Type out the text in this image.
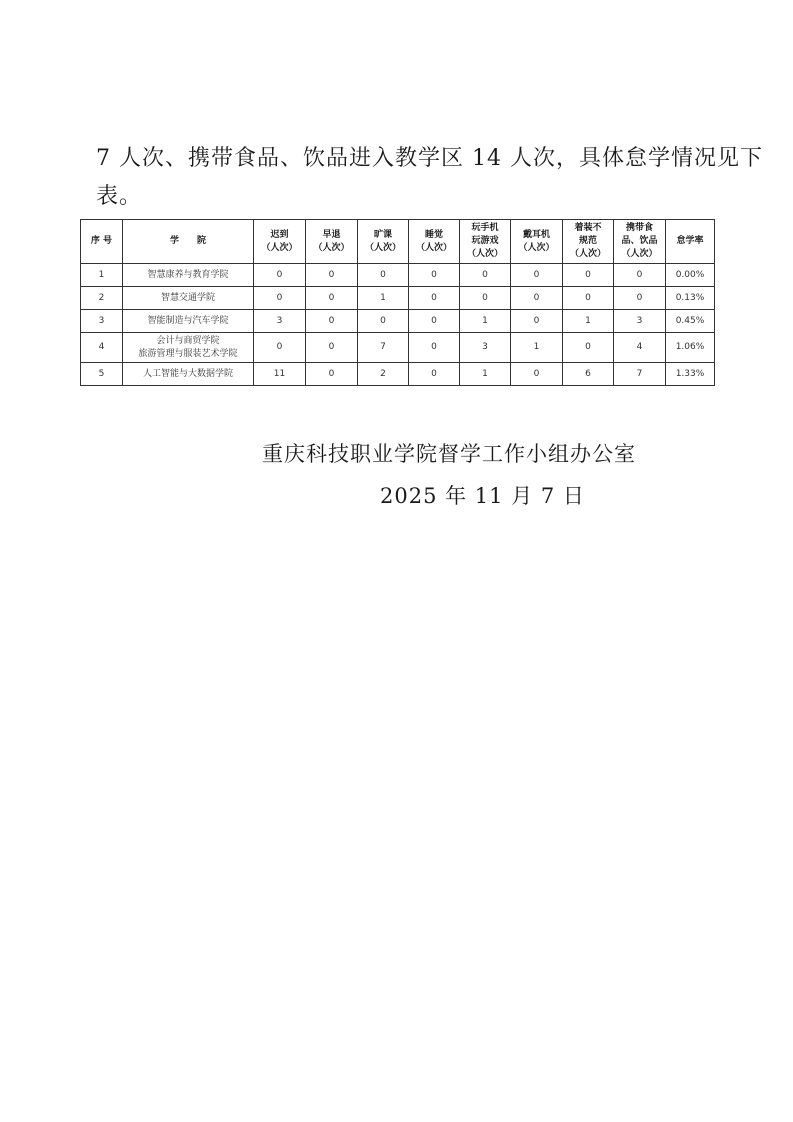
7 人次、携带食品、饮品进入教学区 14 人次，具体怠学情况见下
表。

序 号	学　　院	迟到
（人次）	早退
（人次）	旷课
（人次）	睡觉
（人次）	玩手机
玩游戏
（人次）	戴耳机
（人次）	着装不
规范
（人次）	携带食
品、饮品
（人次）	怠学率

1	智慧康养与教育学院	0	0	0	0	0	0	0	0	0.00%
2	智慧交通学院	0	0	1	0	0	0	0	0	0.13%
3	智能制造与汽车学院	3	0	0	0	1	0	1	3	0.45%
4	会计与商贸学院
旅游管理与服装艺术学院	0	0	7	0	3	1	0	4	1.06%
5	人工智能与大数据学院	11	0	2	0	1	0	6	7	1.33%
重庆科技职业学院督学工作小组办公室
2025 年 11 月 7 日
